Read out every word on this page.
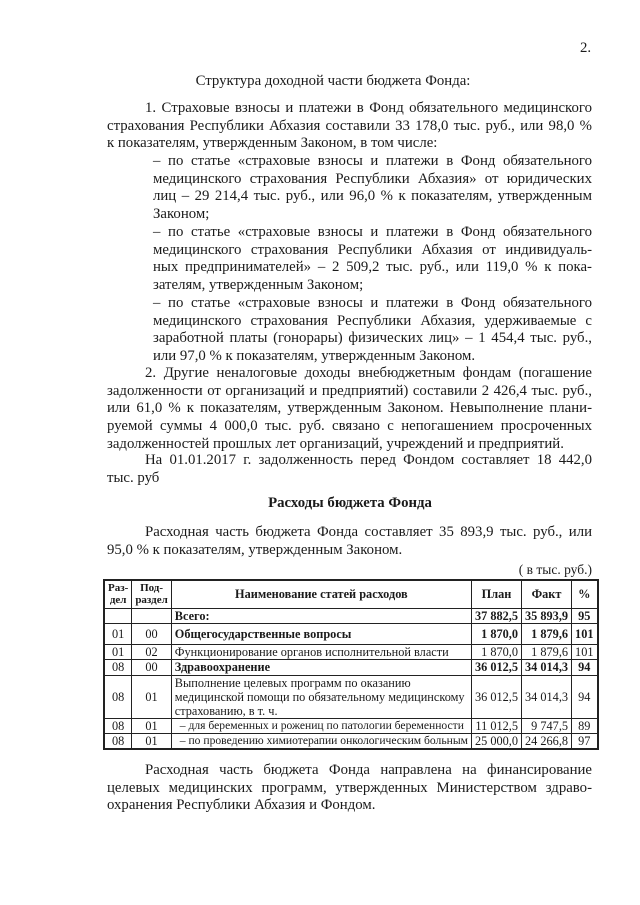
2.
Структура доходной части бюджета Фонда:
1. Страховые взносы и платежи в Фонд обязательного медицинского
страхования Республики Абхазия составили 33 178,0 тыс. руб., или 98,0 %
к показателям, утвержденным Законом, в том числе:
– по статье «страховые взносы и платежи в Фонд обязательного
медицинского страхования Республики Абхазия» от юридических
лиц – 29 214,4 тыс. руб., или 96,0 % к показателям, утвержденным
Законом;
– по статье «страховые взносы и платежи в Фонд обязательного
медицинского страхования Республики Абхазия от индивидуаль-
ных предпринимателей» – 2 509,2 тыс. руб., или 119,0 % к пока-
зателям, утвержденным Законом;
– по статье «страховые взносы и платежи в Фонд обязательного
медицинского страхования Республики Абхазия, удерживаемые с
заработной платы (гонорары) физических лиц» – 1 454,4 тыс. руб.,
или 97,0 % к показателям, утвержденным Законом.
2. Другие неналоговые доходы внебюджетным фондам (погашение
задолженности от организаций и предприятий) составили 2 426,4 тыс. руб.,
или 61,0 % к показателям, утвержденным Законом. Невыполнение плани-
руемой суммы 4 000,0 тыс. руб. связано с непогашением просроченных
задолженностей прошлых лет организаций, учреждений и предприятий.
На 01.01.2017 г. задолженность перед Фондом составляет 18 442,0
тыс. руб
Расходная часть бюджета Фонда составляет 35 893,9 тыс. руб., или
95,0 % к показателям, утвержденным Законом.
Расходная часть бюджета Фонда направлена на финансирование
целевых медицинских программ, утвержденных Министерством здраво-
охранения Республики Абхазия и Фондом.
Расходы бюджета Фонда
( в тыс. руб.)
Раз-дел	Под-раздел	Наименование статей расходов	План	Факт	%
		Всего:	37 882,5	35 893,9	95
01	00	Общегосударственные вопросы	1 870,0	1 879,6	101
01	02	Функционирование органов исполнительной власти	1 870,0	1 879,6	101
08	00	Здравоохранение	36 012,5	34 014,3	94
08	01	Выполнение целевых программ по оказанию медицинской помощи по обязательному медицинскому страхованию, в т. ч.	36 012,5	34 014,3	94
08	01	– для беременных и рожениц по патологии беременности	11 012,5	9 747,5	89
08	01	– по проведению химиотерапии онкологическим больным	25 000,0	24 266,8	97
